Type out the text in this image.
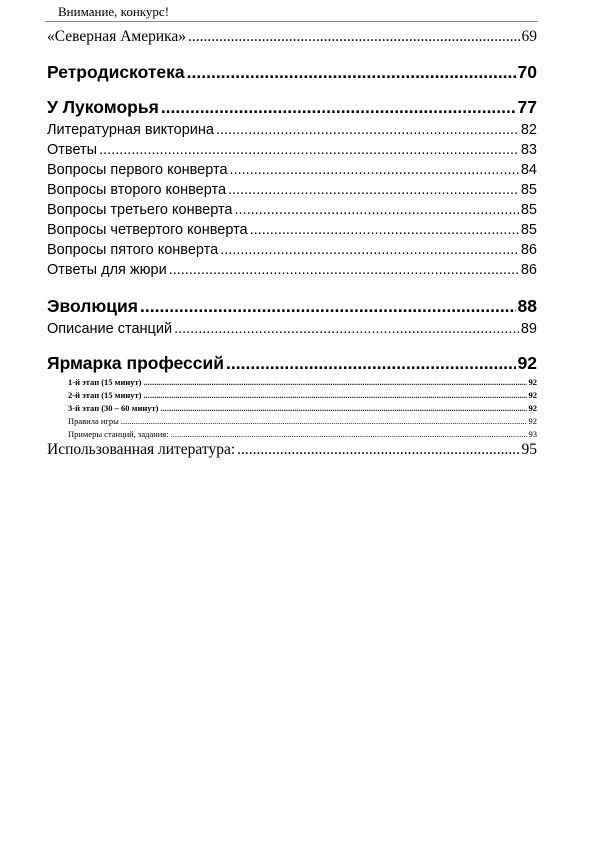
Внимание, конкурс!
«Северная Америка» .....	69
Ретродискотека .....	70
У Лукоморья .....	77
Литературная викторина .....	82
Ответы .....	83
Вопросы первого конверта .....	84
Вопросы второго конверта .....	85
Вопросы третьего конверта .....	85
Вопросы четвертого конверта .....	85
Вопросы пятого конверта .....	86
Ответы для жюри .....	86
Эволюция .....	88
Описание станций .....	89
Ярмарка профессий .....	92
1-й этап (15 минут) .....	92
2-й этап (15 минут) .....	92
3-й этап (30 – 60 минут) .....	92
Правила игры .....	92
Примеры станций, задания: .....	93
Использованная литература: .....	95
